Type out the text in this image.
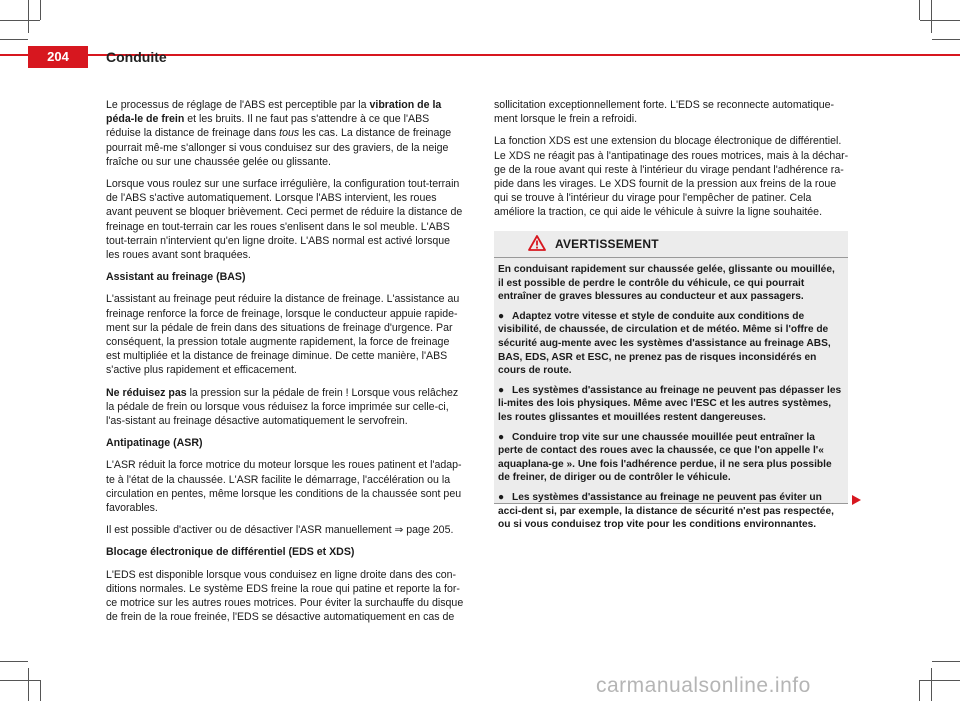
204	Conduite

Le processus de réglage de l'ABS est perceptible par la vibration de la péda-le de frein et les bruits. Il ne faut pas s'attendre à ce que l'ABS réduise la distance de freinage dans tous les cas. La distance de freinage pourrait mê-me s'allonger si vous conduisez sur des graviers, de la neige fraîche ou sur une chaussée gelée ou glissante.

Lorsque vous roulez sur une surface irrégulière, la configuration tout-terrain de l'ABS s'active automatiquement. Lorsque l'ABS intervient, les roues avant peuvent se bloquer brièvement. Ceci permet de réduire la distance de freinage en tout-terrain car les roues s'enlisent dans le sol meuble. L'ABS tout-terrain n'intervient qu'en ligne droite. L'ABS normal est activé lorsque les roues avant sont braquées.

Assistant au freinage (BAS)

L'assistant au freinage peut réduire la distance de freinage. L'assistance au freinage renforce la force de freinage, lorsque le conducteur appuie rapide-ment sur la pédale de frein dans des situations de freinage d'urgence. Par conséquent, la pression totale augmente rapidement, la force de freinage est multipliée et la distance de freinage diminue. De cette manière, l'ABS s'active plus rapidement et efficacement.

Ne réduisez pas la pression sur la pédale de frein ! Lorsque vous relâchez la pédale de frein ou lorsque vous réduisez la force imprimée sur celle-ci, l'as-sistant au freinage désactive automatiquement le servofrein.

Antipatinage (ASR)

L'ASR réduit la force motrice du moteur lorsque les roues patinent et l'adap-te à l'état de la chaussée. L'ASR facilite le démarrage, l'accélération ou la circulation en pentes, même lorsque les conditions de la chaussée sont peu favorables.

Il est possible d'activer ou de désactiver l'ASR manuellement ⇒ page 205.

Blocage électronique de différentiel (EDS et XDS)

L'EDS est disponible lorsque vous conduisez en ligne droite dans des con-ditions normales. Le système EDS freine la roue qui patine et reporte la for-ce motrice sur les autres roues motrices. Pour éviter la surchauffe du disque de frein de la roue freinée, l'EDS se désactive automatiquement en cas de

sollicitation exceptionnellement forte. L'EDS se reconnecte automatique-ment lorsque le frein a refroidi.

La fonction XDS est une extension du blocage électronique de différentiel. Le XDS ne réagit pas à l'antipatinage des roues motrices, mais à la déchar-ge de la roue avant qui reste à l'intérieur du virage pendant l'adhérence ra-pide dans les virages. Le XDS fournit de la pression aux freins de la roue qui se trouve à l'intérieur du virage pour l'empêcher de patiner. Cela améliore la traction, ce qui aide le véhicule à suivre la ligne souhaitée.

AVERTISSEMENT

En conduisant rapidement sur chaussée gelée, glissante ou mouillée, il est possible de perdre le contrôle du véhicule, ce qui pourrait entraîner de graves blessures au conducteur et aux passagers.

● Adaptez votre vitesse et style de conduite aux conditions de visibilité, de chaussée, de circulation et de météo. Même si l'offre de sécurité aug-mente avec les systèmes d'assistance au freinage ABS, BAS, EDS, ASR et ESC, ne prenez pas de risques inconsidérés en cours de route.

● Les systèmes d'assistance au freinage ne peuvent pas dépasser les li-mites des lois physiques. Même avec l'ESC et les autres systèmes, les routes glissantes et mouillées restent dangereuses.

● Conduire trop vite sur une chaussée mouillée peut entraîner la perte de contact des roues avec la chaussée, ce que l'on appelle l'« aquaplana-ge ». Une fois l'adhérence perdue, il ne sera plus possible de freiner, de diriger ou de contrôler le véhicule.

● Les systèmes d'assistance au freinage ne peuvent pas éviter un acci-dent si, par exemple, la distance de sécurité n'est pas respectée, ou si vous conduisez trop vite pour les conditions environnantes.

carmanualsonline.info
